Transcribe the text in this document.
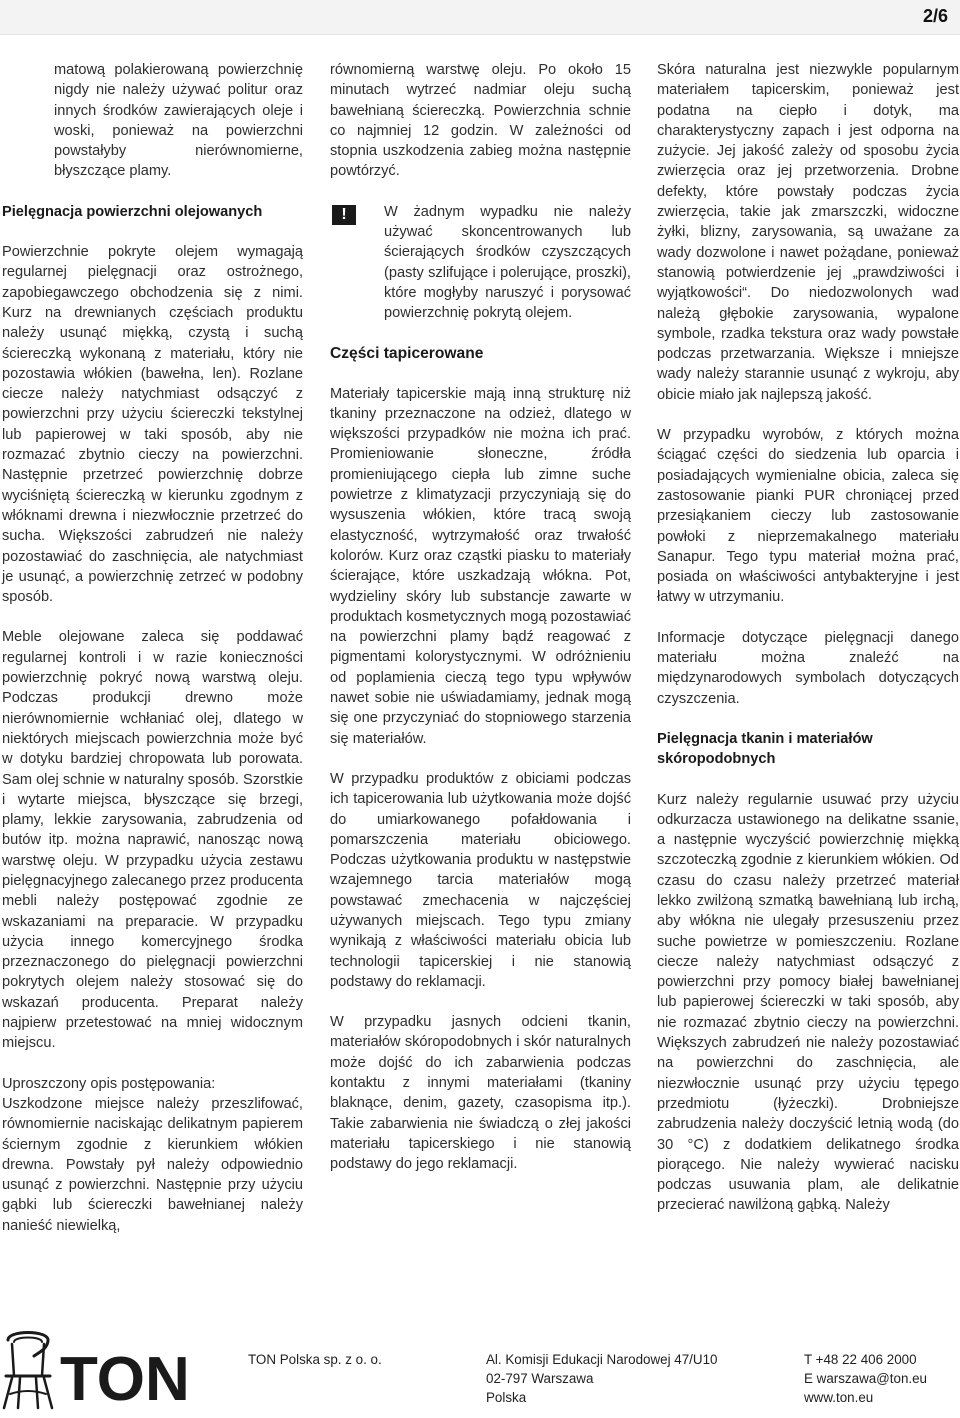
2/6

matową polakierowaną powierzchnię nigdy nie należy używać politur oraz innych środków zawierających oleje i woski, ponieważ na powierzchni powstałyby nierównomierne, błyszczące plamy.

Pielęgnacja powierzchni olejowanych

Powierzchnie pokryte olejem wymagają regularnej pielęgnacji oraz ostrożnego, zapobiegawczego obchodzenia się z nimi. Kurz na drewnianych częściach produktu należy usunąć miękką, czystą i suchą ściereczką wykonaną z materiału, który nie pozostawia włókien (bawełna, len). Rozlane ciecze należy natychmiast odsączyć z powierzchni przy użyciu ściereczki tekstylnej lub papierowej w taki sposób, aby nie rozmazać zbytnio cieczy na powierzchni. Następnie przetrzeć powierzchnię dobrze wyciśniętą ściereczką w kierunku zgodnym z włóknami drewna i niezwłocznie przetrzeć do sucha. Większości zabrudzeń nie należy pozostawiać do zaschnięcia, ale natychmiast je usunąć, a powierzchnię zetrzeć w podobny sposób.

Meble olejowane zaleca się poddawać regularnej kontroli i w razie konieczności powierzchnię pokryć nową warstwą oleju. Podczas produkcji drewno może nierównomiernie wchłaniać olej, dlatego w niektórych miejscach powierzchnia może być w dotyku bardziej chropowata lub porowata. Sam olej schnie w naturalny sposób. Szorstkie i wytarte miejsca, błyszczące się brzegi, plamy, lekkie zarysowania, zabrudzenia od butów itp. można naprawić, nanosząc nową warstwę oleju. W przypadku użycia zestawu pielęgnacyjnego zalecanego przez producenta mebli należy postępować zgodnie ze wskazaniami na preparacie. W przypadku użycia innego komercyjnego środka przeznaczonego do pielęgnacji powierzchni pokrytych olejem należy stosować się do wskazań producenta. Preparat należy najpierw przetestować na mniej widocznym miejscu.

Uproszczony opis postępowania:

Uszkodzone miejsce należy przeszlifować, równomiernie naciskając delikatnym papierem ściernym zgodnie z kierunkiem włókien drewna. Powstały pył należy odpowiednio usunąć z powierzchni. Następnie przy użyciu gąbki lub ściereczki bawełnianej należy nanieść niewielką,

równomierną warstwę oleju. Po około 15 minutach wytrzeć nadmiar oleju suchą bawełnianą ściereczką. Powierzchnia schnie co najmniej 12 godzin. W zależności od stopnia uszkodzenia zabieg można następnie powtórzyć.

!	W żadnym wypadku nie należy używać skoncentrowanych lub ścierających środków czyszczących (pasty szlifujące i polerujące, proszki), które mogłyby naruszyć i porysować powierzchnię pokrytą olejem.

Części tapicerowane

Materiały tapicerskie mają inną strukturę niż tkaniny przeznaczone na odzież, dlatego w większości przypadków nie można ich prać. Promieniowanie słoneczne, źródła promieniującego ciepła lub zimne suche powietrze z klimatyzacji przyczyniają się do wysuszenia włókien, które tracą swoją elastyczność, wytrzymałość oraz trwałość kolorów. Kurz oraz cząstki piasku to materiały ścierające, które uszkadzają włókna. Pot, wydzieliny skóry lub substancje zawarte w produktach kosmetycznych mogą pozostawiać na powierzchni plamy bądź reagować z pigmentami kolorystycznymi. W odróżnieniu od poplamienia cieczą tego typu wpływów nawet sobie nie uświadamiamy, jednak mogą się one przyczyniać do stopniowego starzenia się materiałów.

W przypadku produktów z obiciami podczas ich tapicerowania lub użytkowania może dojść do umiarkowanego pofałdowania i pomarszczenia materiału obiciowego. Podczas użytkowania produktu w następstwie wzajemnego tarcia materiałów mogą powstawać zmechacenia w najczęściej używanych miejscach. Tego typu zmiany wynikają z właściwości materiału obicia lub technologii tapicerskiej i nie stanowią podstawy do reklamacji.

W przypadku jasnych odcieni tkanin, materiałów skóropodobnych i skór naturalnych może dojść do ich zabarwienia podczas kontaktu z innymi materiałami (tkaniny blaknące, denim, gazety, czasopisma itp.). Takie zabarwienia nie świadczą o złej jakości materiału tapicerskiego i nie stanowią podstawy do jego reklamacji.

Skóra naturalna jest niezwykle popularnym materiałem tapicerskim, ponieważ jest podatna na ciepło i dotyk, ma charakterystyczny zapach i jest odporna na zużycie. Jej jakość zależy od sposobu życia zwierzęcia oraz jej przetworzenia. Drobne defekty, które powstały podczas życia zwierzęcia, takie jak zmarszczki, widoczne żyłki, blizny, zarysowania, są uważane za wady dozwolone i nawet pożądane, ponieważ stanowią potwierdzenie jej „prawdziwości i wyjątkowości“. Do niedozwolonych wad należą głębokie zarysowania, wypalone symbole, rzadka tekstura oraz wady powstałe podczas przetwarzania. Większe i mniejsze wady należy starannie usunąć z wykroju, aby obicie miało jak najlepszą jakość.

W przypadku wyrobów, z których można ściągać części do siedzenia lub oparcia i posiadających wymienialne obicia, zaleca się zastosowanie pianki PUR chroniącej przed przesiąkaniem cieczy lub zastosowanie powłoki z nieprzemakalnego materiału Sanapur. Tego typu materiał można prać, posiada on właściwości antybakteryjne i jest łatwy w utrzymaniu.

Informacje dotyczące pielęgnacji danego materiału można znaleźć na międzynarodowych symbolach dotyczących czyszczenia.

Pielęgnacja tkanin i materiałów
skóropodobnych

Kurz należy regularnie usuwać przy użyciu odkurzacza ustawionego na delikatne ssanie, a następnie wyczyścić powierzchnię miękką szczoteczką zgodnie z kierunkiem włókien. Od czasu do czasu należy przetrzeć materiał lekko zwilżoną szmatką bawełnianą lub irchą, aby włókna nie ulegały przesuszeniu przez suche powietrze w pomieszczeniu. Rozlane ciecze należy natychmiast odsączyć z powierzchni przy pomocy białej bawełnianej lub papierowej ściereczki w taki sposób, aby nie rozmazać zbytnio cieczy na powierzchni. Większych zabrudzeń nie należy pozostawiać na powierzchni do zaschnięcia, ale niezwłocznie usunąć przy użyciu tępego przedmiotu (łyżeczki). Drobniejsze zabrudzenia należy doczyścić letnią wodą (do 30 °C) z dodatkiem delikatnego środka piorącego. Nie należy wywierać nacisku podczas usuwania plam, ale delikatnie przecierać nawilżoną gąbką. Należy

TON	TON Polska sp. z o. o.	Al. Komisji Edukacji Narodowej 47/U10
02-797 Warszawa
Polska
T +48 22 406 2000
E warszawa@ton.eu
www.ton.eu
